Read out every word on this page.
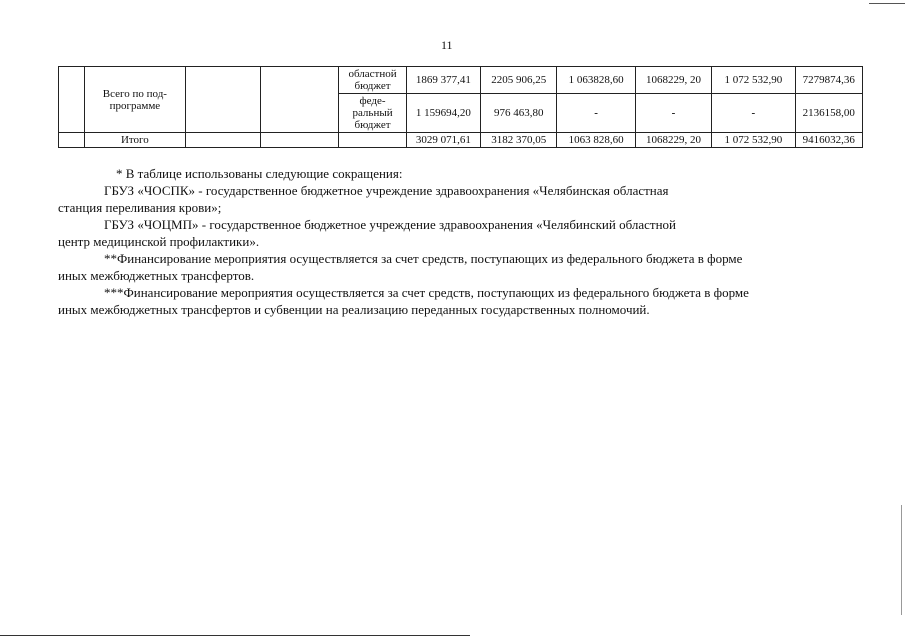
11
	Всего по под-программе			областной бюджет	1869 377,41	2205 906,25	1 063828,60	1068229, 20	1 072 532,90	7279874,36
				феде-ральный бюджет	1 159694,20	976 463,80	-	-	-	2136158,00
	Итого				3029 071,61	3182 370,05	1063 828,60	1068229, 20	1 072 532,90	9416032,36

* В таблице использованы следующие сокращения:

ГБУЗ «ЧОСПК» - государственное бюджетное учреждение здравоохранения «Челябинская областная

станция переливания крови»;

ГБУЗ «ЧОЦМП» - государственное бюджетное учреждение здравоохранения «Челябинский областной

центр медицинской профилактики».

**Финансирование мероприятия осуществляется за счет средств, поступающих из федерального бюджета в форме

иных межбюджетных трансфертов.

***Финансирование мероприятия осуществляется за счет средств, поступающих из федерального бюджета в форме

иных межбюджетных трансфертов и субвенции на реализацию переданных государственных полномочий.
